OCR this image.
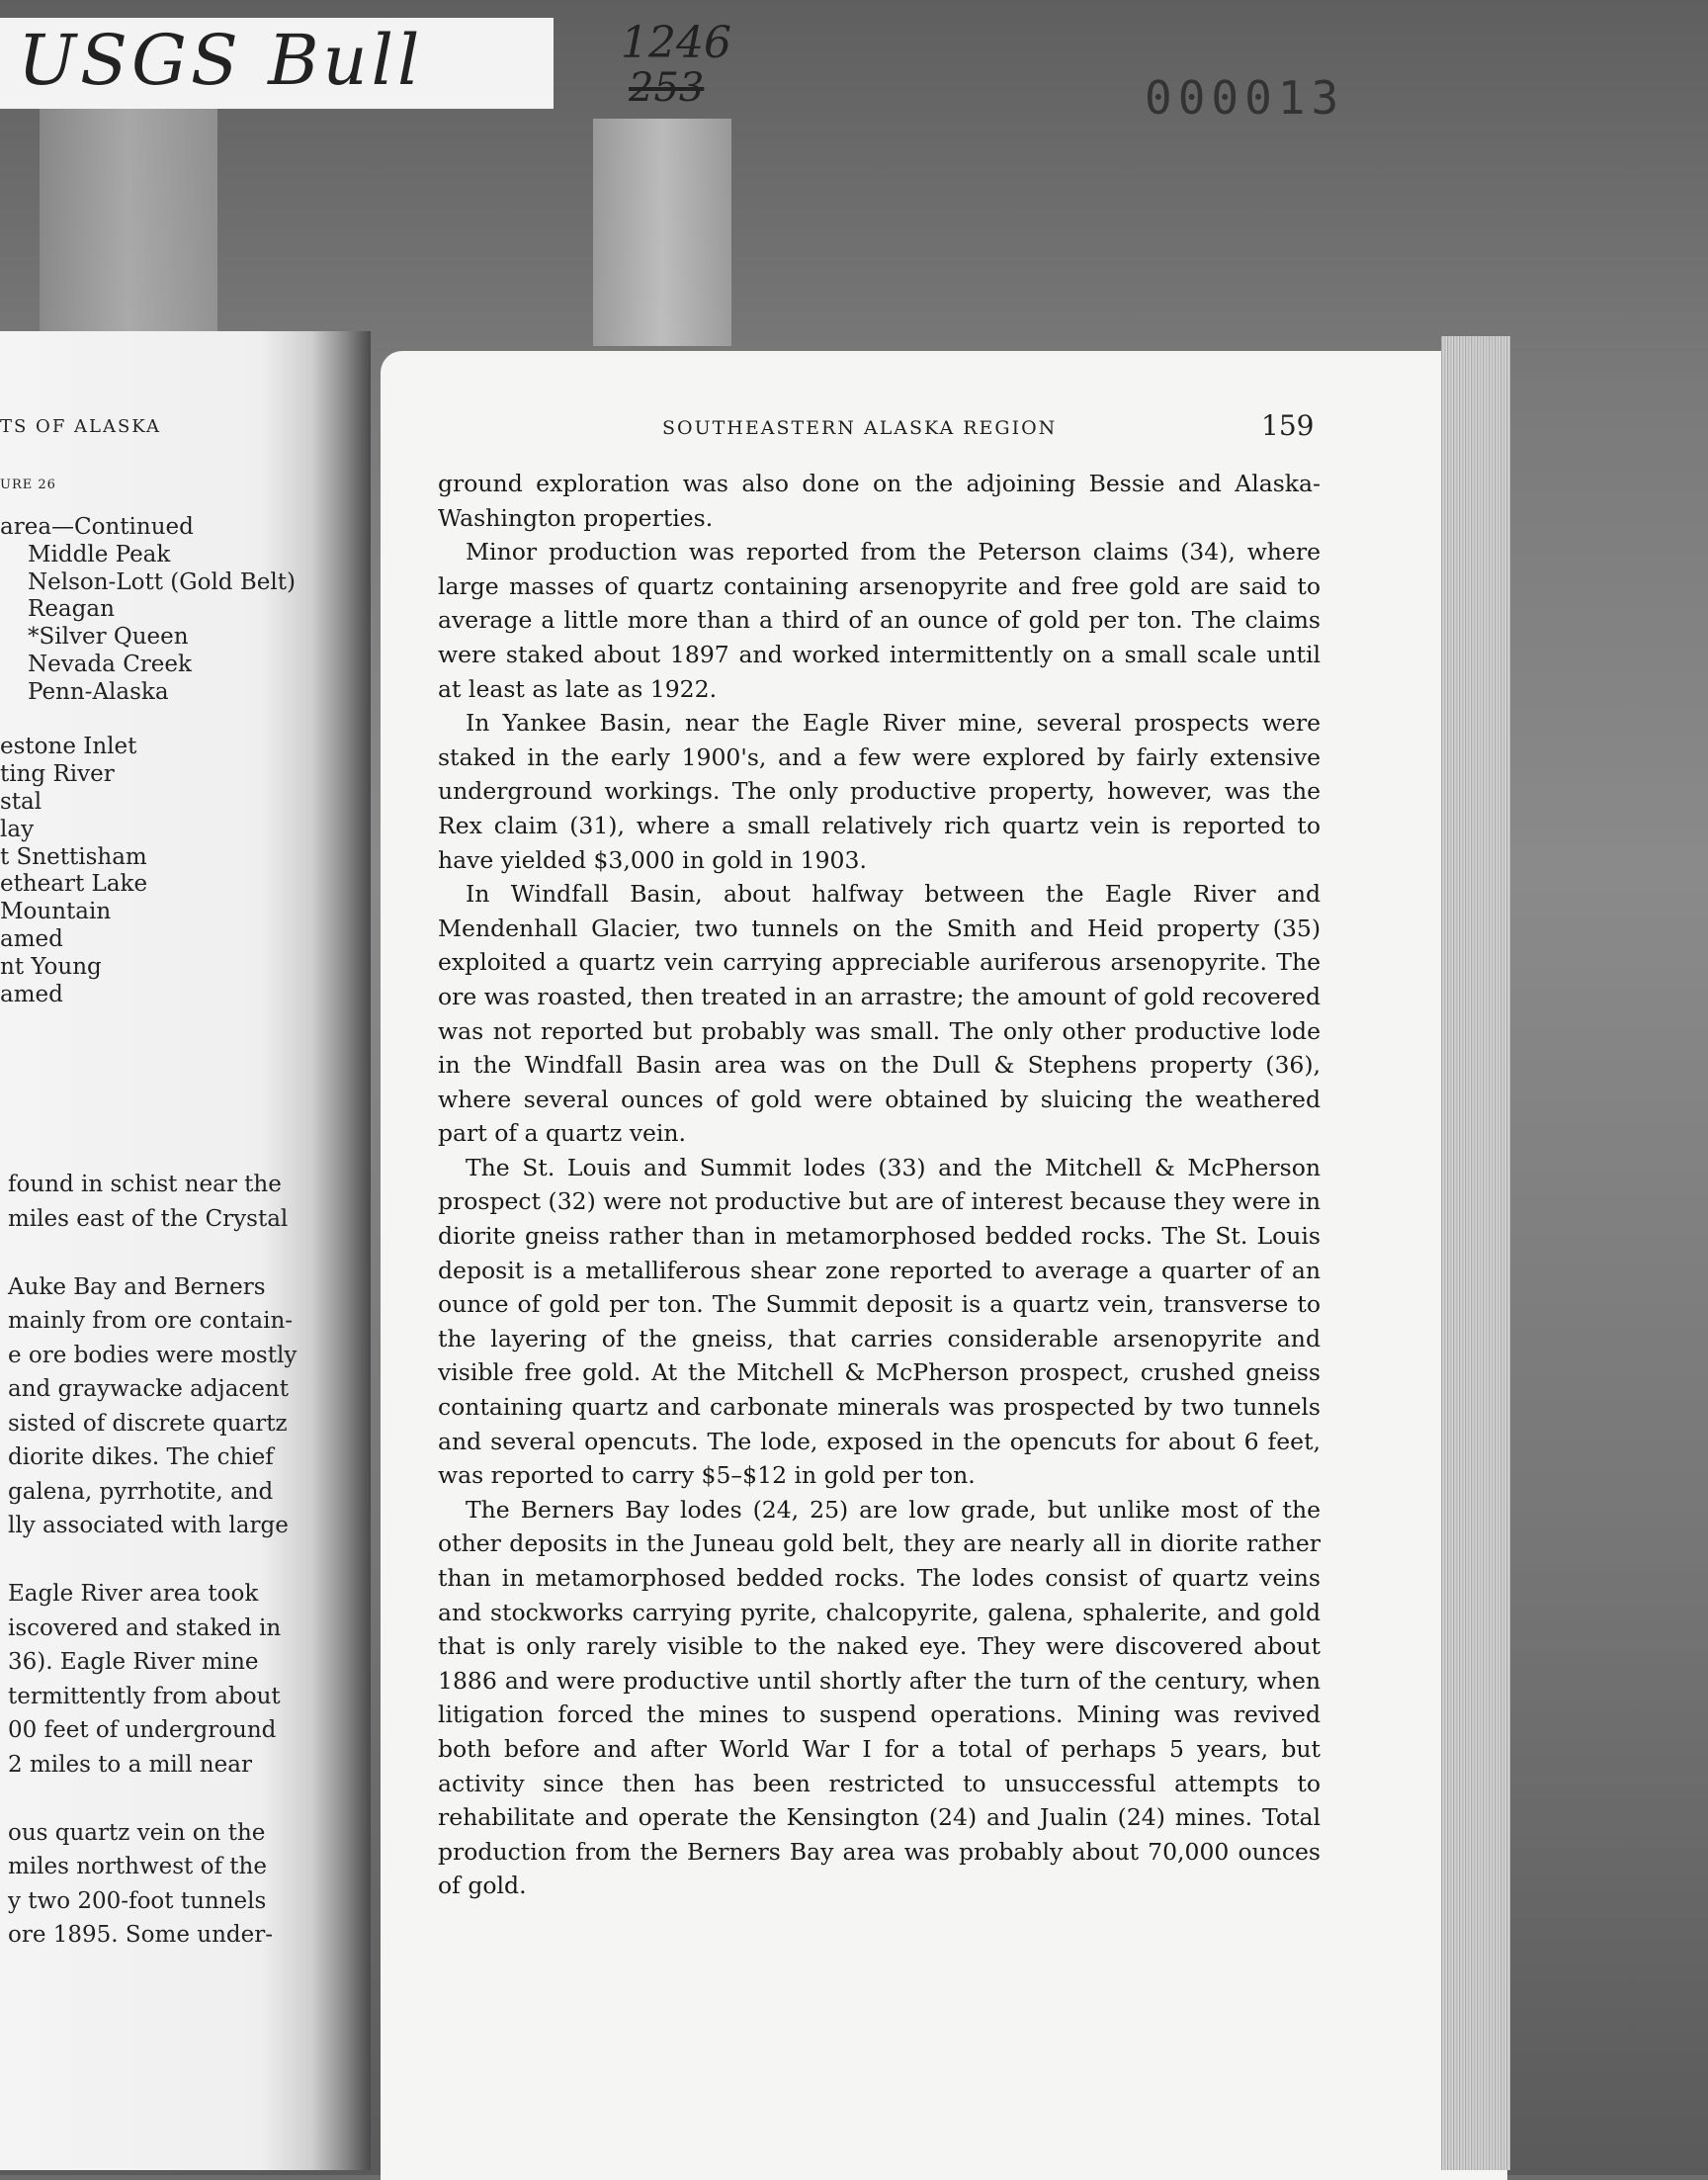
USGS Bull	1246
253	000013
TS OF ALASKA
URE 26
area—Continued
Middle Peak
Nelson-Lott (Gold Belt)
Reagan
*Silver Queen
Nevada Creek
Penn-Alaska
estone Inlet
ting River
stal
lay
t Snettisham
etheart Lake
Mountain
amed
nt Young
amed
found in schist near the
miles east of the Crystal
Auke Bay and Berners
mainly from ore contain-
e ore bodies were mostly
and graywacke adjacent
sisted of discrete quartz
diorite dikes. The chief
galena, pyrrhotite, and
lly associated with large
Eagle River area took
iscovered and staked in
36). Eagle River mine
termittently from about
00 feet of underground
2 miles to a mill near
ous quartz vein on the
miles northwest of the
y two 200-foot tunnels
ore 1895. Some under-
SOUTHEASTERN ALASKA REGION	159

ground exploration was also done on the adjoining Bessie and Alaska-Washington properties.

Minor production was reported from the Peterson claims (34), where large masses of quartz containing arsenopyrite and free gold are said to average a little more than a third of an ounce of gold per ton. The claims were staked about 1897 and worked intermittently on a small scale until at least as late as 1922.

In Yankee Basin, near the Eagle River mine, several prospects were staked in the early 1900's, and a few were explored by fairly extensive underground workings. The only productive property, however, was the Rex claim (31), where a small relatively rich quartz vein is reported to have yielded $3,000 in gold in 1903.

In Windfall Basin, about halfway between the Eagle River and Mendenhall Glacier, two tunnels on the Smith and Heid property (35) exploited a quartz vein carrying appreciable auriferous arsenopyrite. The ore was roasted, then treated in an arrastre; the amount of gold recovered was not reported but probably was small. The only other productive lode in the Windfall Basin area was on the Dull & Stephens property (36), where several ounces of gold were obtained by sluicing the weathered part of a quartz vein.

The St. Louis and Summit lodes (33) and the Mitchell & McPherson prospect (32) were not productive but are of interest because they were in diorite gneiss rather than in metamorphosed bedded rocks. The St. Louis deposit is a metalliferous shear zone reported to average a quarter of an ounce of gold per ton. The Summit deposit is a quartz vein, transverse to the layering of the gneiss, that carries considerable arsenopyrite and visible free gold. At the Mitchell & McPherson prospect, crushed gneiss containing quartz and carbonate minerals was prospected by two tunnels and several opencuts. The lode, exposed in the opencuts for about 6 feet, was reported to carry $5–$12 in gold per ton.

The Berners Bay lodes (24, 25) are low grade, but unlike most of the other deposits in the Juneau gold belt, they are nearly all in diorite rather than in metamorphosed bedded rocks. The lodes consist of quartz veins and stockworks carrying pyrite, chalcopyrite, galena, sphalerite, and gold that is only rarely visible to the naked eye. They were discovered about 1886 and were productive until shortly after the turn of the century, when litigation forced the mines to suspend operations. Mining was revived both before and after World War I for a total of perhaps 5 years, but activity since then has been restricted to unsuccessful attempts to rehabilitate and operate the Kensington (24) and Jualin (24) mines. Total production from the Berners Bay area was probably about 70,000 ounces of gold.
